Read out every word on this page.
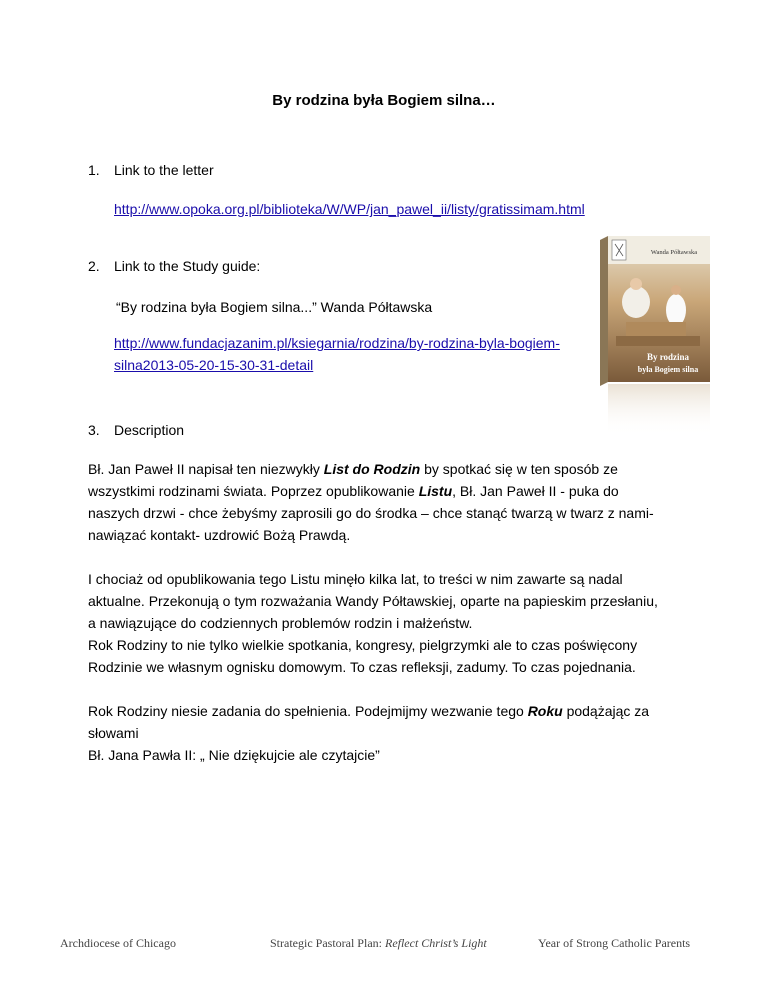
By rodzina była Bogiem silna…
1. Link to the letter
http://www.opoka.org.pl/biblioteka/W/WP/jan_pawel_ii/listy/gratissimam.html
2. Link to the Study guide:
“By rodzina była Bogiem silna...” Wanda Półtawska
http://www.fundacjazanim.pl/ksiegarnia/rodzina/by-rodzina-byla-bogiem-
silna2013-05-20-15-30-31-detail
Wanda Półtawska
By rodzina
była Bogiem silna
3. Description
Bł. Jan Paweł II napisał ten niezwykły List do Rodzin by spotkać się w ten sposób ze wszystkimi rodzinami świata. Poprzez opublikowanie Listu, Bł. Jan Paweł II - puka do naszych drzwi - chce żebyśmy zaprosili go do środka – chce stanąć twarzą w twarz z nami-nawiązać kontakt- uzdrowić Bożą Prawdą.
I chociaż od opublikowania tego Listu minęło kilka lat, to treści w nim zawarte są nadal aktualne. Przekonują o tym rozważania Wandy Półtawskiej, oparte na papieskim przesłaniu, a nawiązujące do codziennych problemów rodzin i małżeństw.
Rok Rodziny to nie tylko wielkie spotkania, kongresy, pielgrzymki ale to czas poświęcony Rodzinie we własnym ognisku domowym. To czas refleksji, zadumy. To czas pojednania.
Rok Rodziny niesie zadania do spełnienia. Podejmijmy wezwanie tego Roku podążając za słowami
Bł. Jana Pawła II: „ Nie dziękujcie ale czytajcie”
Archdiocese of Chicago	Strategic Pastoral Plan: Reflect Christ’s Light	Year of Strong Catholic Parents
